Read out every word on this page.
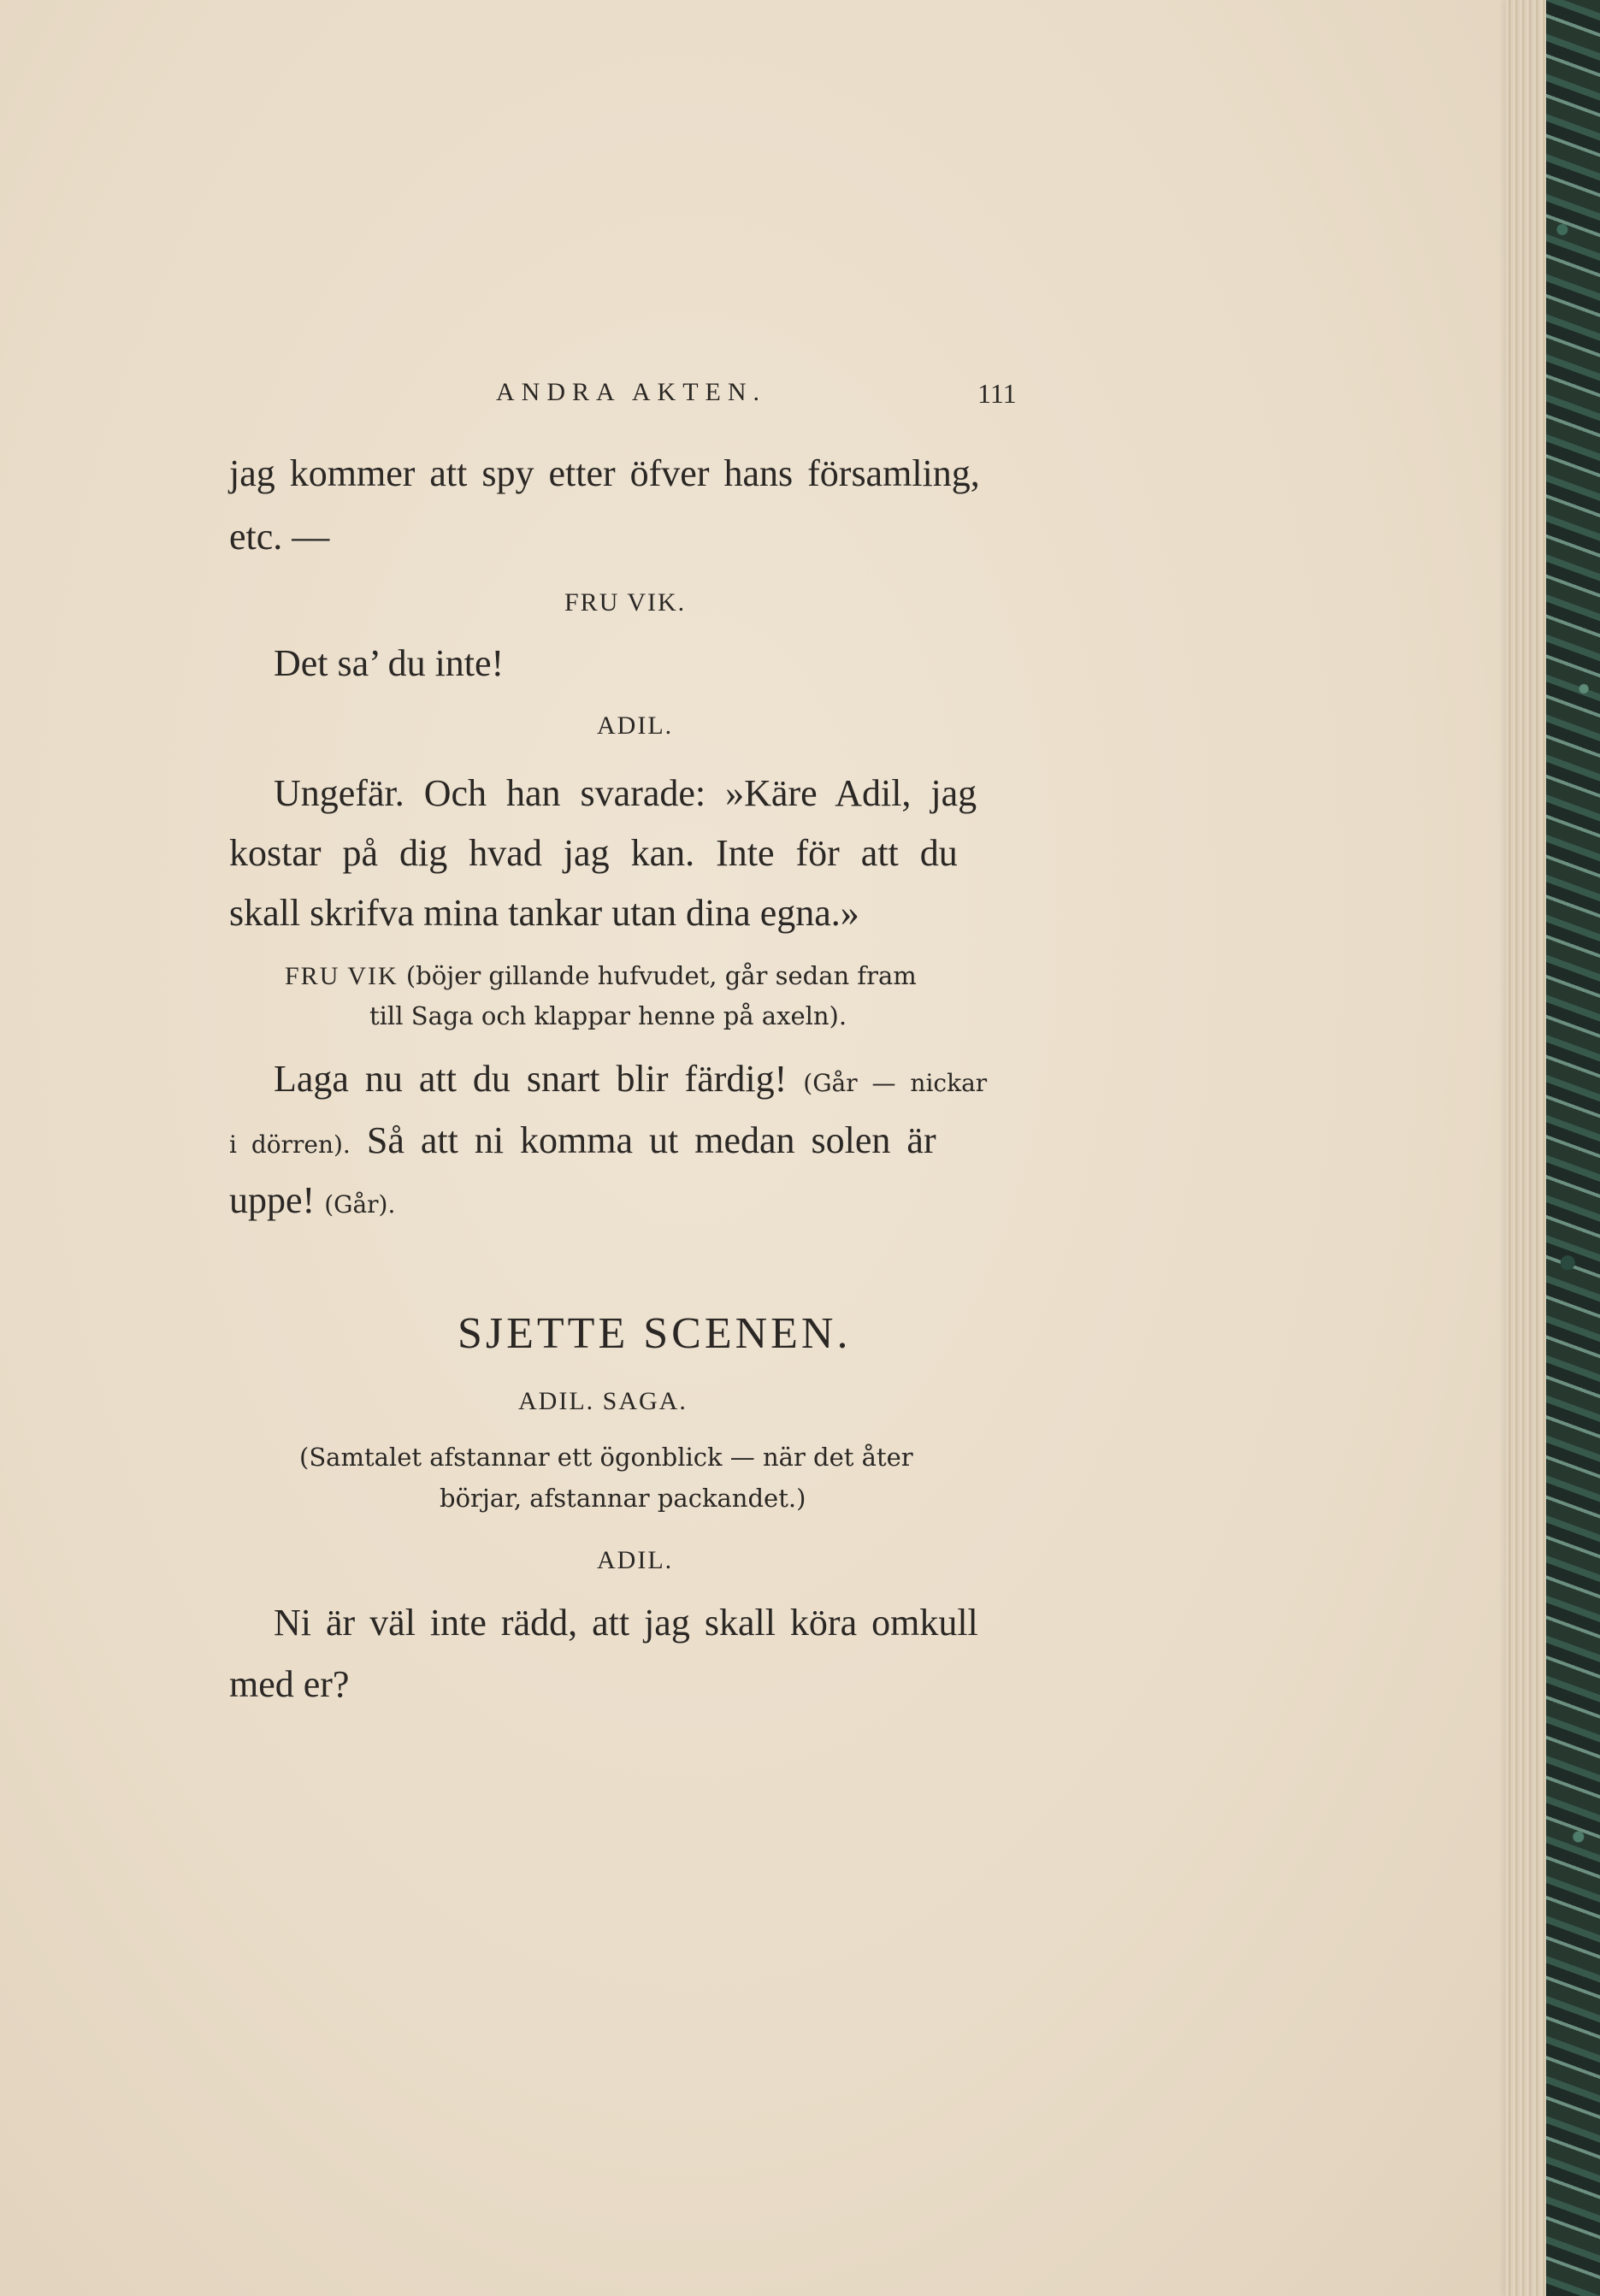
ANDRA AKTEN.	111
jag kommer att spy etter öfver hans församling,
etc. —
FRU VIK.
Det sa’ du inte!
ADIL.
Ungefär. Och han svarade: »Käre Adil, jag
kostar på dig hvad jag kan. Inte för att du
skall skrifva mina tankar utan dina egna.»
FRU VIK (böjer gillande hufvudet, går sedan fram
till Saga och klappar henne på axeln).
Laga nu att du snart blir färdig! (Går — nickar
i dörren). Så att ni komma ut medan solen är
uppe! (Går).
SJETTE SCENEN.
ADIL. SAGA.
(Samtalet afstannar ett ögonblick — när det åter
börjar, afstannar packandet.)
ADIL.
Ni är väl inte rädd, att jag skall köra omkull
med er?
